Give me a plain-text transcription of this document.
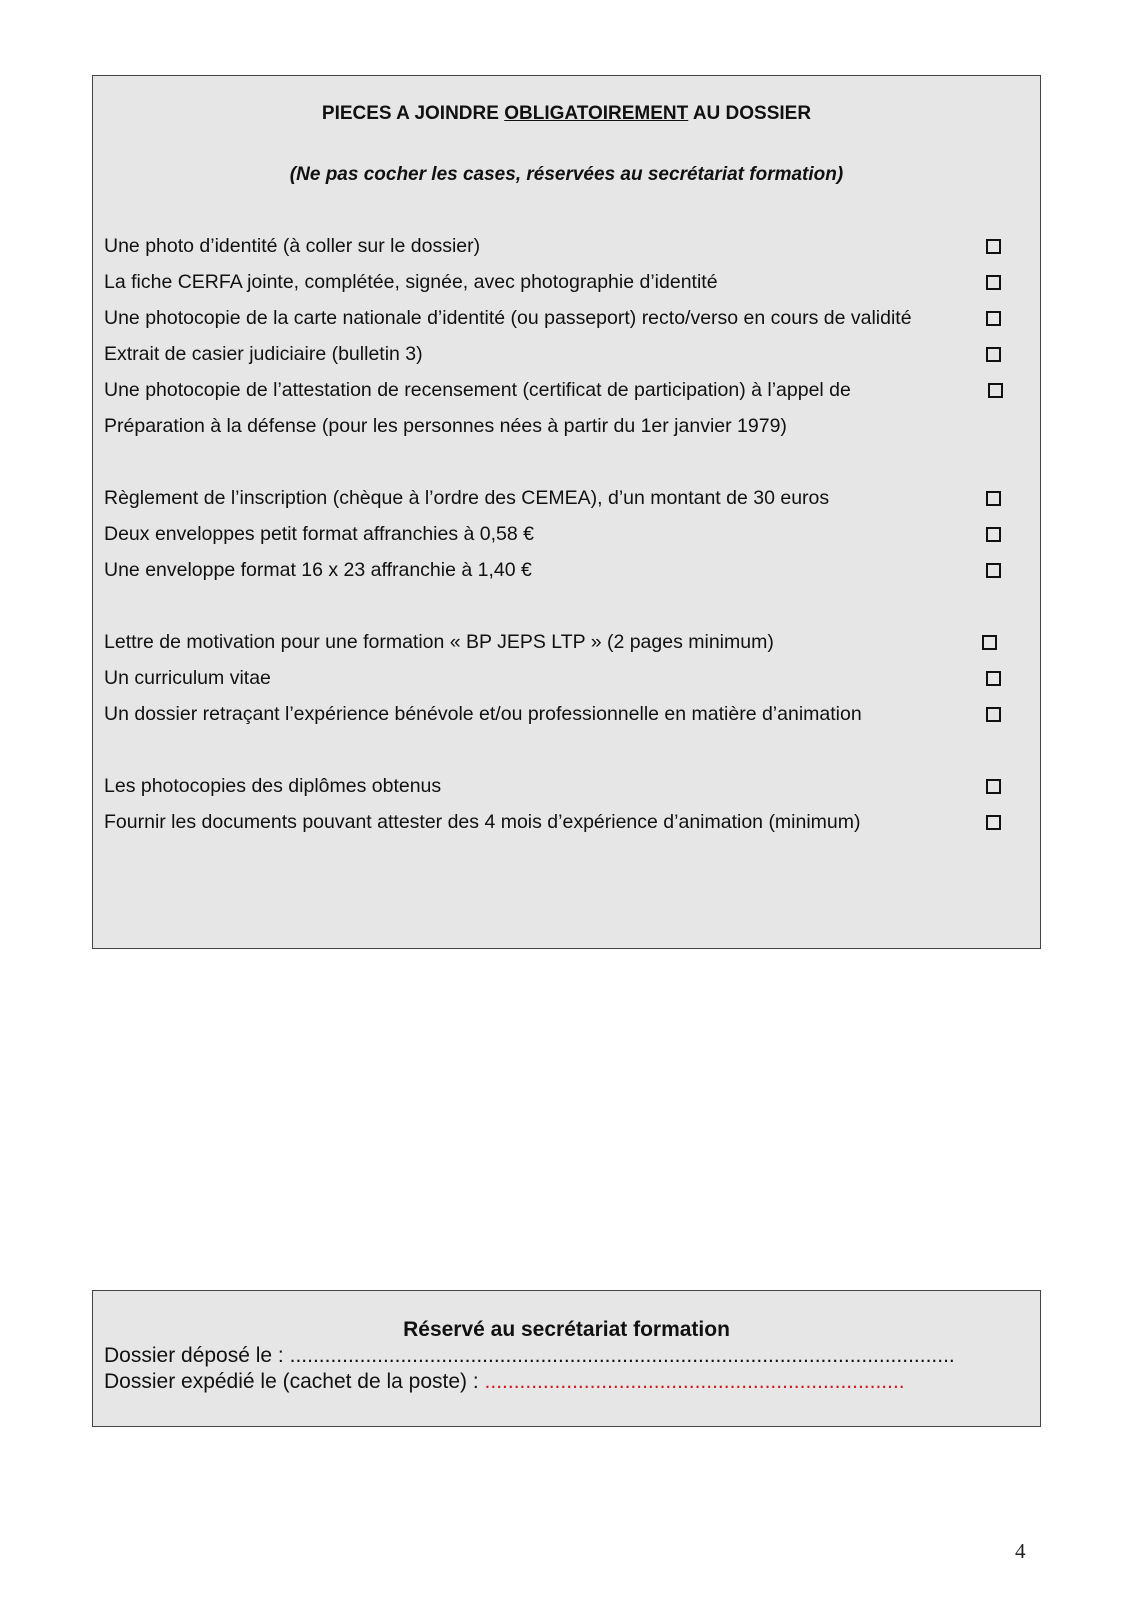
PIECES A JOINDRE OBLIGATOIREMENT AU DOSSIER
(Ne pas cocher les cases, réservées au secrétariat formation)
Une photo d’identité (à coller sur le dossier)
La fiche CERFA jointe, complétée, signée, avec photographie d’identité
Une photocopie de la carte nationale d’identité (ou passeport) recto/verso en cours de validité
Extrait de casier judiciaire (bulletin 3)
Une photocopie de l’attestation de recensement (certificat de participation) à l’appel de
Préparation à la défense (pour les personnes nées à partir du 1er janvier 1979)
Règlement de l’inscription (chèque à l’ordre des CEMEA), d’un montant de 30 euros
Deux enveloppes petit format affranchies à 0,58 €
Une enveloppe format 16 x 23 affranchie à 1,40 €
Lettre de motivation pour une formation « BP JEPS LTP » (2 pages minimum)
Un curriculum vitae
Un dossier retraçant l’expérience bénévole et/ou professionnelle en matière d’animation
Les photocopies des diplômes obtenus
Fournir les documents pouvant attester des 4 mois d’expérience d’animation (minimum)
Réservé au secrétariat formation
Dossier déposé le : ..................................................................................................................
Dossier expédié le (cachet de la poste) : ........................................................................
4
